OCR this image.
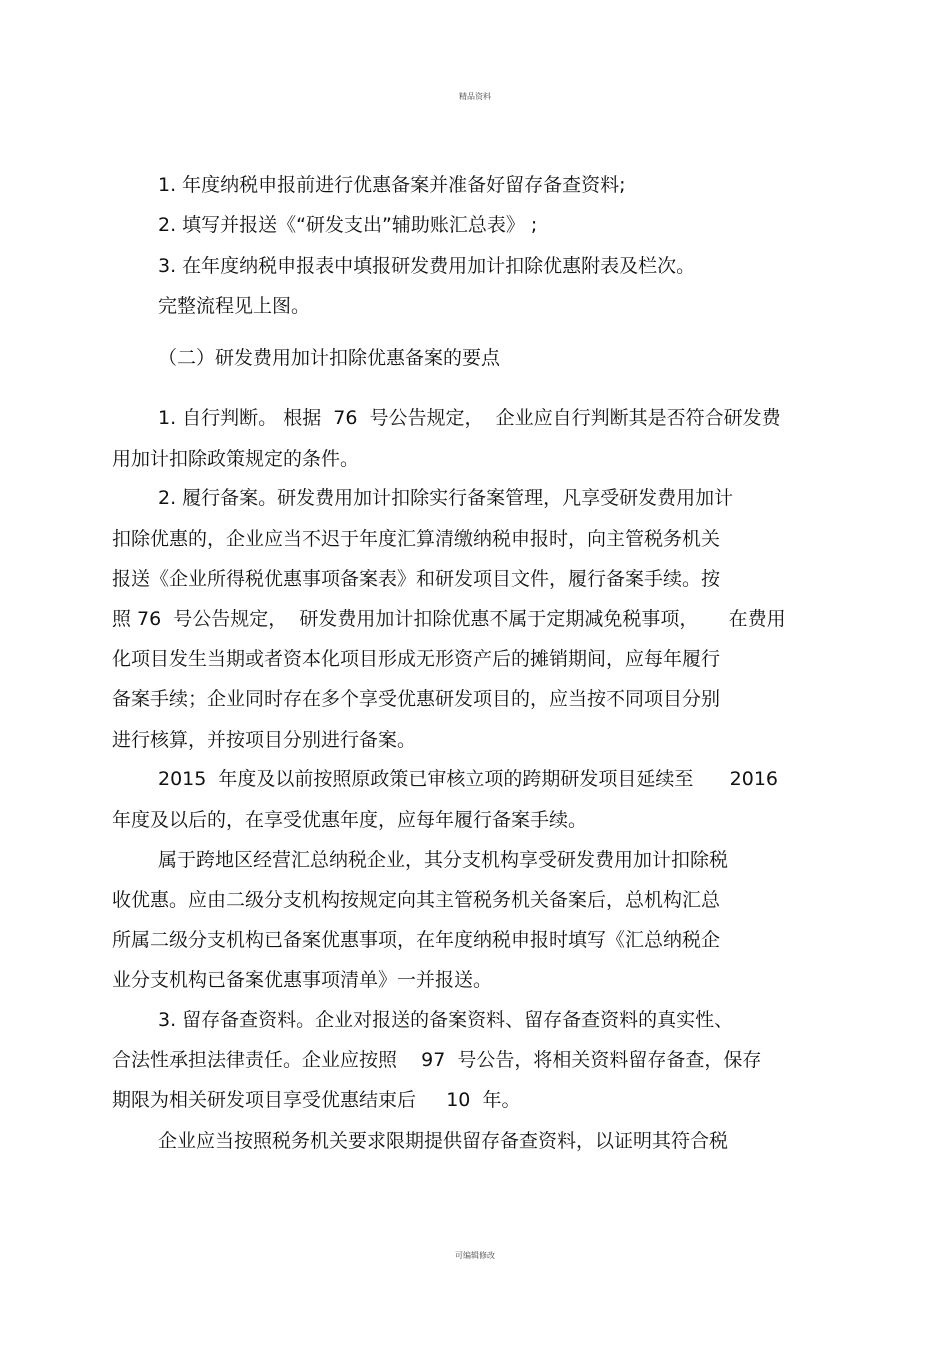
精品资料
1. 年度纳税申报前进行优惠备案并准备好留存备查资料;
2. 填写并报送《“研发支出”辅助账汇总表》 ;
3. 在年度纳税申报表中填报研发费用加计扣除优惠附表及栏次。
完整流程见上图。
（二）研发费用加计扣除优惠备案的要点
1. 自行判断。 根据  76  号公告规定，  企业应自行判断其是否符合研发费
用加计扣除政策规定的条件。
2. 履行备案。研发费用加计扣除实行备案管理，凡享受研发费用加计
扣除优惠的，企业应当不迟于年度汇算清缴纳税申报时，向主管税务机关
报送《企业所得税优惠事项备案表》和研发项目文件，履行备案手续。按
照 76  号公告规定，  研发费用加计扣除优惠不属于定期减免税事项，     在费用
化项目发生当期或者资本化项目形成无形资产后的摊销期间，应每年履行
备案手续；企业同时存在多个享受优惠研发项目的，应当按不同项目分别
进行核算，并按项目分别进行备案。
2015  年度及以前按照原政策已审核立项的跨期研发项目延续至      2016
年度及以后的，在享受优惠年度，应每年履行备案手续。
属于跨地区经营汇总纳税企业，其分支机构享受研发费用加计扣除税
收优惠。应由二级分支机构按规定向其主管税务机关备案后，总机构汇总
所属二级分支机构已备案优惠事项，在年度纳税申报时填写《汇总纳税企
业分支机构已备案优惠事项清单》一并报送。
3. 留存备查资料。企业对报送的备案资料、留存备查资料的真实性、
合法性承担法律责任。企业应按照    97  号公告，将相关资料留存备查，保存
期限为相关研发项目享受优惠结束后     10  年。
企业应当按照税务机关要求限期提供留存备查资料，以证明其符合税
可编辑修改
